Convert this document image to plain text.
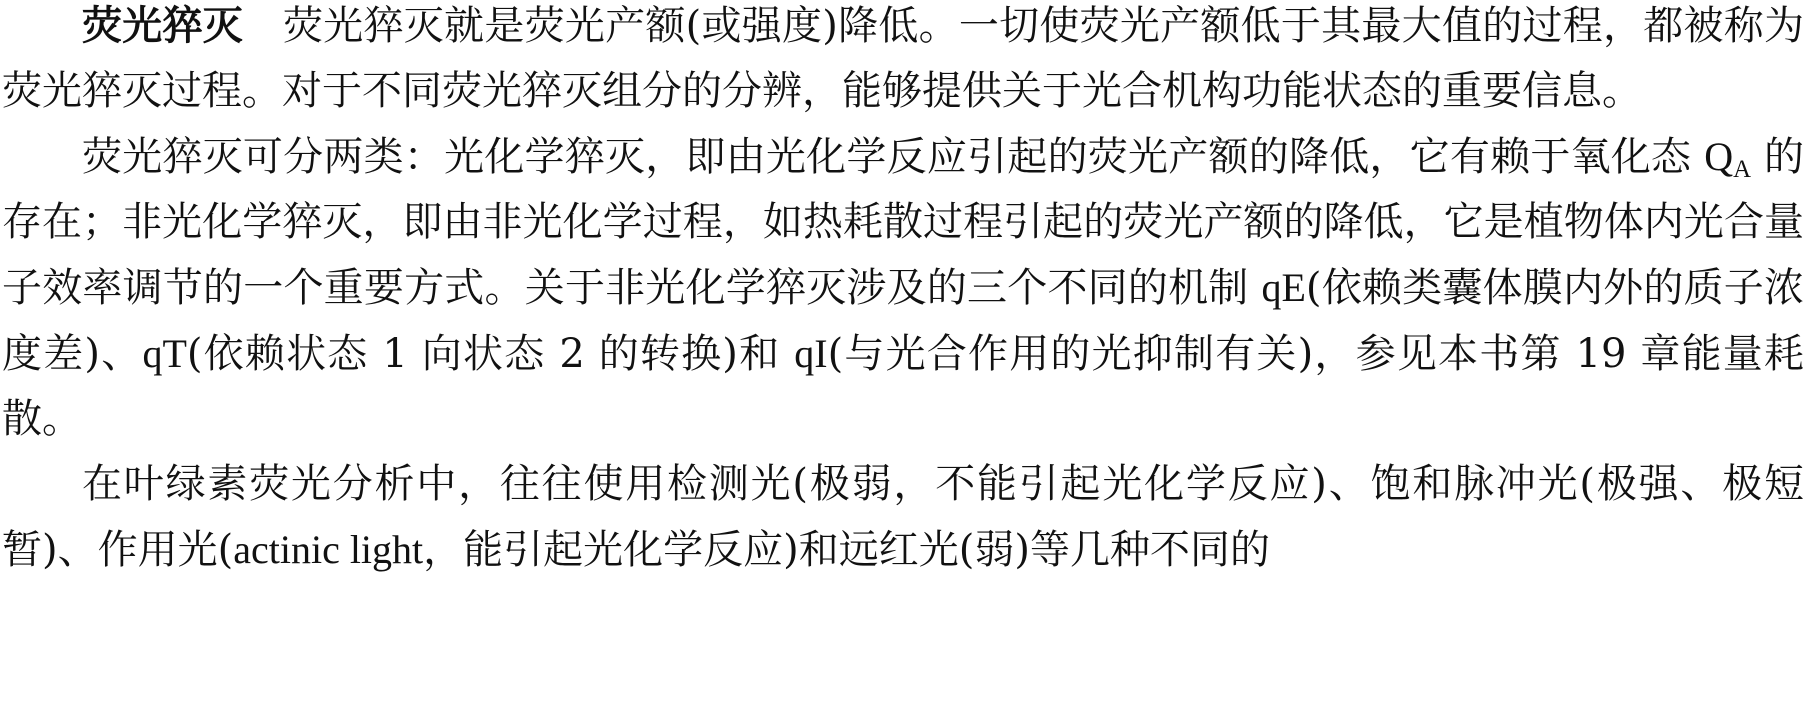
荧光猝灭 荧光猝灭就是荧光产额(或强度)降低。一切使荧光产额低于其最大值的过程，都被称为荧光猝灭过程。对于不同荧光猝灭组分的分辨，能够提供关于光合机构功能状态的重要信息。

荧光猝灭可分两类：光化学猝灭，即由光化学反应引起的荧光产额的降低，它有赖于氧化态 $Q_A$ 的存在；非光化学猝灭，即由非光化学过程，如热耗散过程引起的荧光产额的降低，它是植物体内光合量子效率调节的一个重要方式。关于非光化学猝灭涉及的三个不同的机制 qE(依赖类囊体膜内外的质子浓度差)、qT(依赖状态 1 向状态 2 的转换)和 qI(与光合作用的光抑制有关)，参见本书第 19 章能量耗散。

在叶绿素荧光分析中，往往使用检测光(极弱，不能引起光化学反应)、饱和脉冲光(极强、极短暂)、作用光(actinic light，能引起光化学反应)和远红光(弱)等几种不同的
